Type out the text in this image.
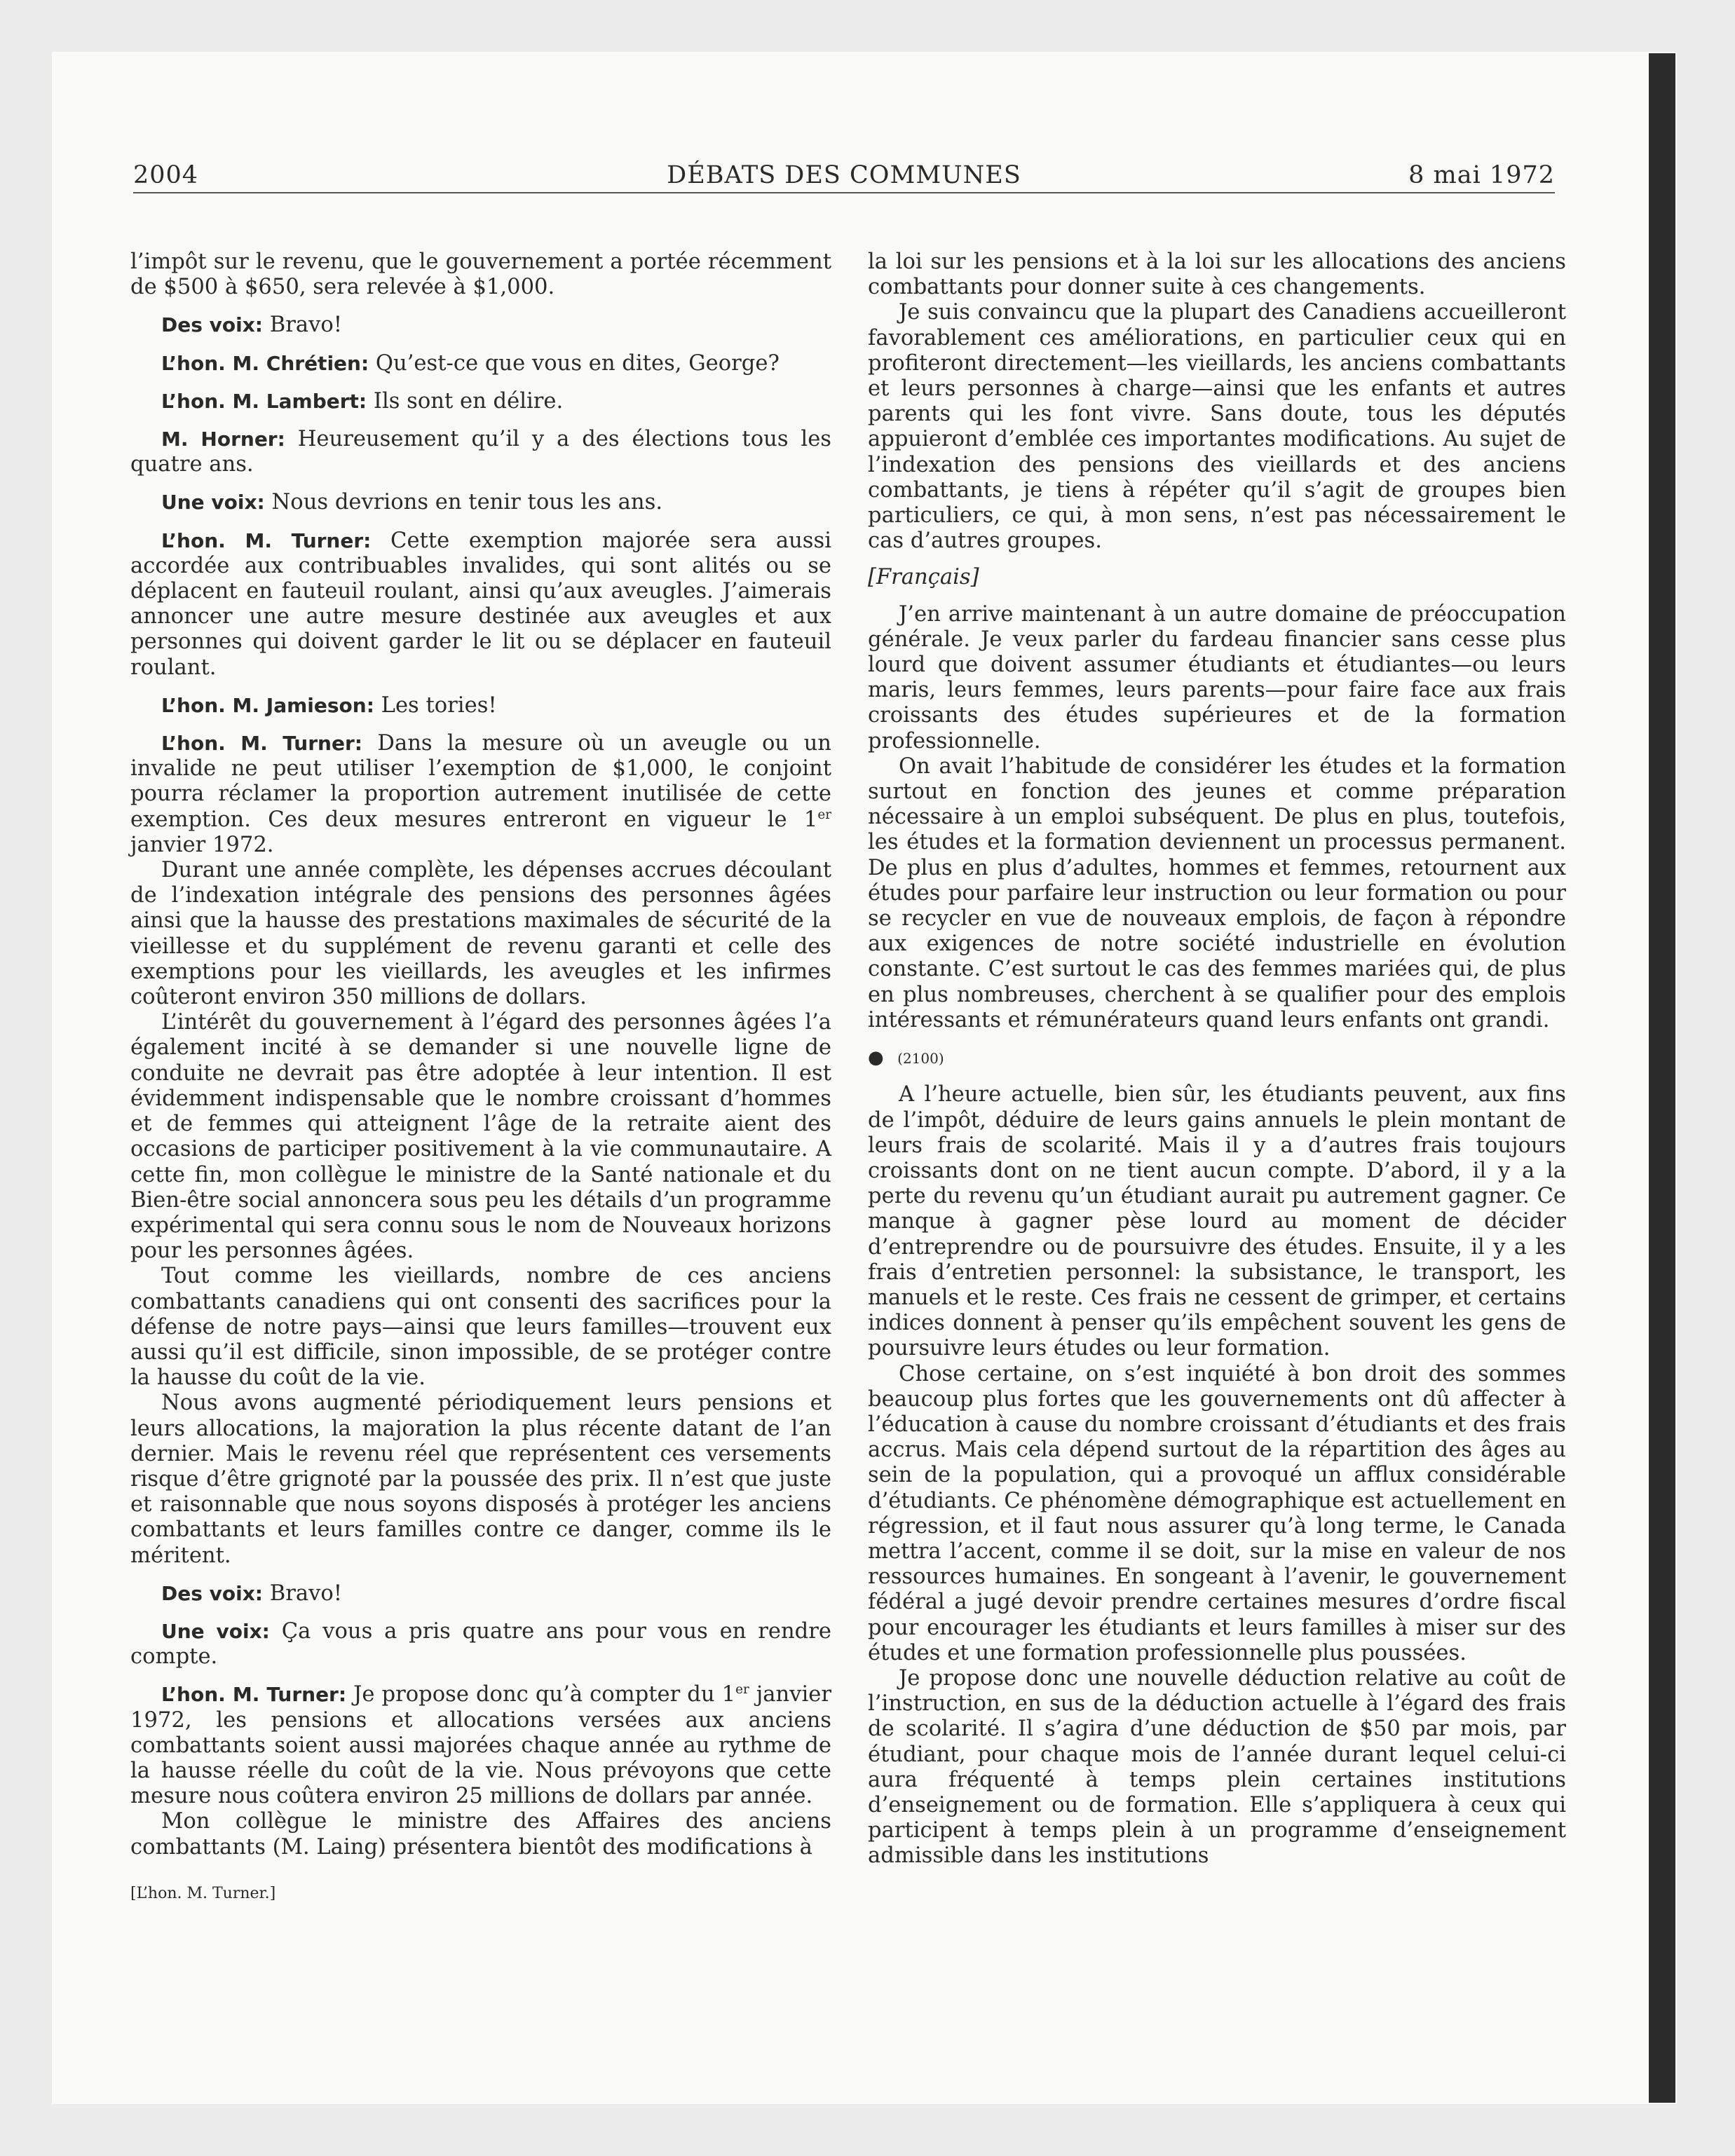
2004	DÉBATS DES COMMUNES	8 mai 1972

l’impôt sur le revenu, que le gouvernement a portée récemment de $500 à $650, sera relevée à $1,000.

Des voix: Bravo!

L’hon. M. Chrétien: Qu’est-ce que vous en dites, George?

L’hon. M. Lambert: Ils sont en délire.

M. Horner: Heureusement qu’il y a des élections tous les quatre ans.

Une voix: Nous devrions en tenir tous les ans.

L’hon. M. Turner: Cette exemption majorée sera aussi accordée aux contribuables invalides, qui sont alités ou se déplacent en fauteuil roulant, ainsi qu’aux aveugles. J’aimerais annoncer une autre mesure destinée aux aveugles et aux personnes qui doivent garder le lit ou se déplacer en fauteuil roulant.

L’hon. M. Jamieson: Les tories!

L’hon. M. Turner: Dans la mesure où un aveugle ou un invalide ne peut utiliser l’exemption de $1,000, le conjoint pourra réclamer la proportion autrement inutilisée de cette exemption. Ces deux mesures entreront en vigueur le 1er janvier 1972.

Durant une année complète, les dépenses accrues découlant de l’indexation intégrale des pensions des personnes âgées ainsi que la hausse des prestations maximales de sécurité de la vieillesse et du supplément de revenu garanti et celle des exemptions pour les vieillards, les aveugles et les infirmes coûteront environ 350 millions de dollars.

L’intérêt du gouvernement à l’égard des personnes âgées l’a également incité à se demander si une nouvelle ligne de conduite ne devrait pas être adoptée à leur intention. Il est évidemment indispensable que le nombre croissant d’hommes et de femmes qui atteignent l’âge de la retraite aient des occasions de participer positivement à la vie communautaire. A cette fin, mon collègue le ministre de la Santé nationale et du Bien-être social annoncera sous peu les détails d’un programme expérimental qui sera connu sous le nom de Nouveaux horizons pour les personnes âgées.

Tout comme les vieillards, nombre de ces anciens combattants canadiens qui ont consenti des sacrifices pour la défense de notre pays—ainsi que leurs familles—trouvent eux aussi qu’il est difficile, sinon impossible, de se protéger contre la hausse du coût de la vie.

Nous avons augmenté périodiquement leurs pensions et leurs allocations, la majoration la plus récente datant de l’an dernier. Mais le revenu réel que représentent ces versements risque d’être grignoté par la poussée des prix. Il n’est que juste et raisonnable que nous soyons disposés à protéger les anciens combattants et leurs familles contre ce danger, comme ils le méritent.

Des voix: Bravo!

Une voix: Ça vous a pris quatre ans pour vous en rendre compte.

L’hon. M. Turner: Je propose donc qu’à compter du 1er janvier 1972, les pensions et allocations versées aux anciens combattants soient aussi majorées chaque année au rythme de la hausse réelle du coût de la vie. Nous prévoyons que cette mesure nous coûtera environ 25 millions de dollars par année.

Mon collègue le ministre des Affaires des anciens combattants (M. Laing) présentera bientôt des modifications à

[L’hon. M. Turner.]

la loi sur les pensions et à la loi sur les allocations des anciens combattants pour donner suite à ces changements.

Je suis convaincu que la plupart des Canadiens accueilleront favorablement ces améliorations, en particulier ceux qui en profiteront directement—les vieillards, les anciens combattants et leurs personnes à charge—ainsi que les enfants et autres parents qui les font vivre. Sans doute, tous les députés appuieront d’emblée ces importantes modifications. Au sujet de l’indexation des pensions des vieillards et des anciens combattants, je tiens à répéter qu’il s’agit de groupes bien particuliers, ce qui, à mon sens, n’est pas nécessairement le cas d’autres groupes.

[Français]

J’en arrive maintenant à un autre domaine de préoccupation générale. Je veux parler du fardeau financier sans cesse plus lourd que doivent assumer étudiants et étudiantes—ou leurs maris, leurs femmes, leurs parents—pour faire face aux frais croissants des études supérieures et de la formation professionnelle.

On avait l’habitude de considérer les études et la formation surtout en fonction des jeunes et comme préparation nécessaire à un emploi subséquent. De plus en plus, toutefois, les études et la formation deviennent un processus permanent. De plus en plus d’adultes, hommes et femmes, retournent aux études pour parfaire leur instruction ou leur formation ou pour se recycler en vue de nouveaux emplois, de façon à répondre aux exigences de notre société industrielle en évolution constante. C’est surtout le cas des femmes mariées qui, de plus en plus nombreuses, cherchent à se qualifier pour des emplois intéressants et rémunérateurs quand leurs enfants ont grandi.

● (2100)

A l’heure actuelle, bien sûr, les étudiants peuvent, aux fins de l’impôt, déduire de leurs gains annuels le plein montant de leurs frais de scolarité. Mais il y a d’autres frais toujours croissants dont on ne tient aucun compte. D’abord, il y a la perte du revenu qu’un étudiant aurait pu autrement gagner. Ce manque à gagner pèse lourd au moment de décider d’entreprendre ou de poursuivre des études. Ensuite, il y a les frais d’entretien personnel: la subsistance, le transport, les manuels et le reste. Ces frais ne cessent de grimper, et certains indices donnent à penser qu’ils empêchent souvent les gens de poursuivre leurs études ou leur formation.

Chose certaine, on s’est inquiété à bon droit des sommes beaucoup plus fortes que les gouvernements ont dû affecter à l’éducation à cause du nombre croissant d’étudiants et des frais accrus. Mais cela dépend surtout de la répartition des âges au sein de la population, qui a provoqué un afflux considérable d’étudiants. Ce phénomène démographique est actuellement en régression, et il faut nous assurer qu’à long terme, le Canada mettra l’accent, comme il se doit, sur la mise en valeur de nos ressources humaines. En songeant à l’avenir, le gouvernement fédéral a jugé devoir prendre certaines mesures d’ordre fiscal pour encourager les étudiants et leurs familles à miser sur des études et une formation professionnelle plus poussées.

Je propose donc une nouvelle déduction relative au coût de l’instruction, en sus de la déduction actuelle à l’égard des frais de scolarité. Il s’agira d’une déduction de $50 par mois, par étudiant, pour chaque mois de l’année durant lequel celui-ci aura fréquenté à temps plein certaines institutions d’enseignement ou de formation. Elle s’appliquera à ceux qui participent à temps plein à un programme d’enseignement admissible dans les institutions
